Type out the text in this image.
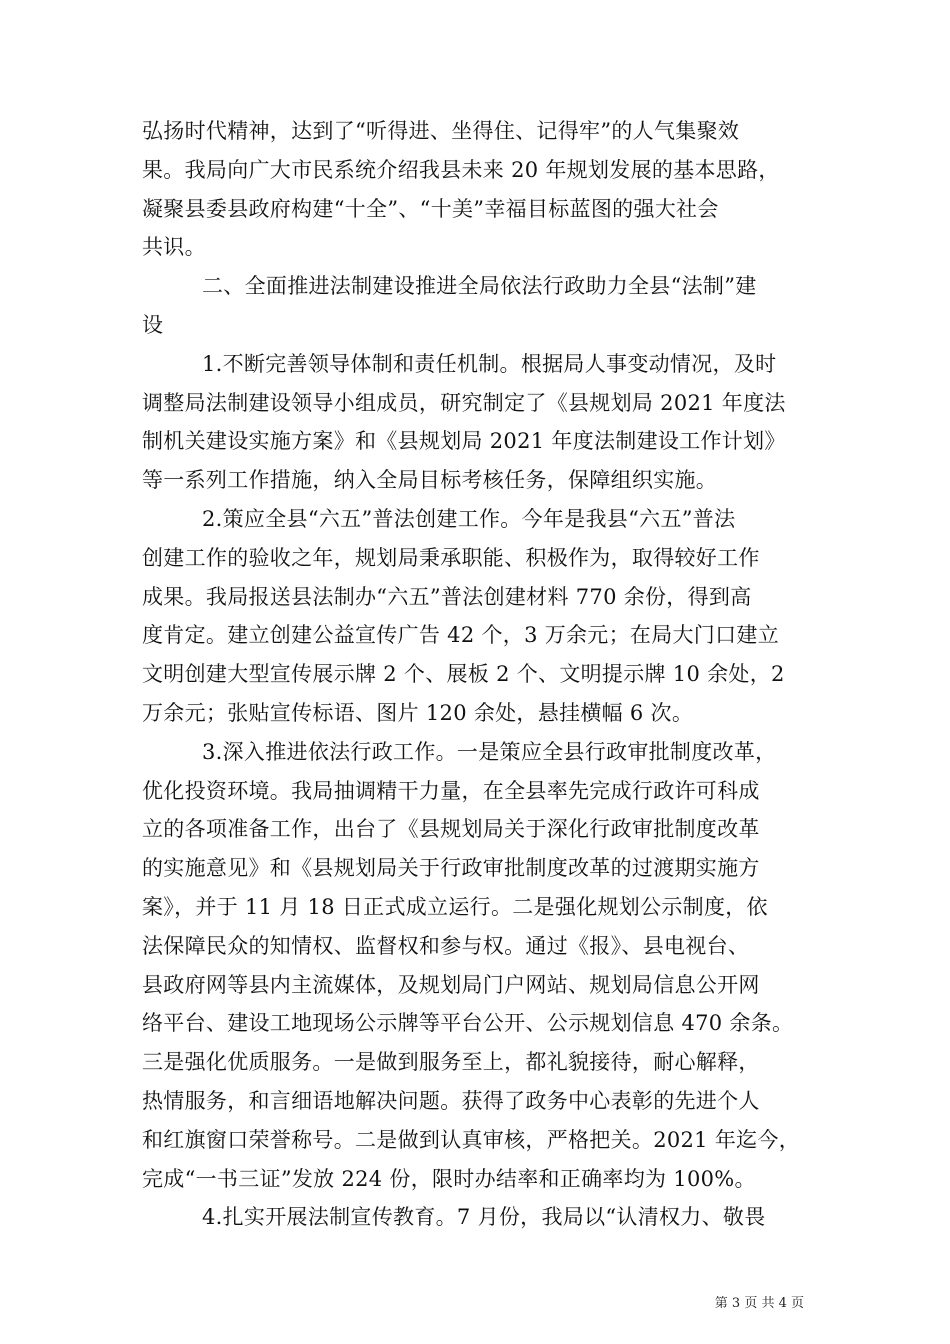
弘扬时代精神，达到了“听得进、坐得住、记得牢”的人气集聚效
果。我局向广大市民系统介绍我县未来 20 年规划发展的基本思路，
凝聚县委县政府构建“十全”、“十美”幸福目标蓝图的强大社会
共识。
二、全面推进法制建设推进全局依法行政助力全县“法制”建
设
1.不断完善领导体制和责任机制。根据局人事变动情况，及时
调整局法制建设领导小组成员，研究制定了《县规划局 2021 年度法
制机关建设实施方案》和《县规划局 2021 年度法制建设工作计划》
等一系列工作措施，纳入全局目标考核任务，保障组织实施。
2.策应全县“六五”普法创建工作。今年是我县“六五”普法
创建工作的验收之年，规划局秉承职能、积极作为，取得较好工作
成果。我局报送县法制办“六五”普法创建材料 770 余份，得到高
度肯定。建立创建公益宣传广告 42 个，3 万余元；在局大门口建立
文明创建大型宣传展示牌 2 个、展板 2 个、文明提示牌 10 余处，2
万余元；张贴宣传标语、图片 120 余处，悬挂横幅 6 次。
3.深入推进依法行政工作。一是策应全县行政审批制度改革，
优化投资环境。我局抽调精干力量，在全县率先完成行政许可科成
立的各项准备工作，出台了《县规划局关于深化行政审批制度改革
的实施意见》和《县规划局关于行政审批制度改革的过渡期实施方
案》，并于 11 月 18 日正式成立运行。二是强化规划公示制度，依
法保障民众的知情权、监督权和参与权。通过《报》、县电视台、
县政府网等县内主流媒体，及规划局门户网站、规划局信息公开网
络平台、建设工地现场公示牌等平台公开、公示规划信息 470 余条。
三是强化优质服务。一是做到服务至上，都礼貌接待，耐心解释，
热情服务，和言细语地解决问题。获得了政务中心表彰的先进个人
和红旗窗口荣誉称号。二是做到认真审核，严格把关。2021 年迄今，
完成“一书三证”发放 224 份，限时办结率和正确率均为 100%。
4.扎实开展法制宣传教育。7 月份，我局以“认清权力、敬畏
第 3 页 共 4 页
